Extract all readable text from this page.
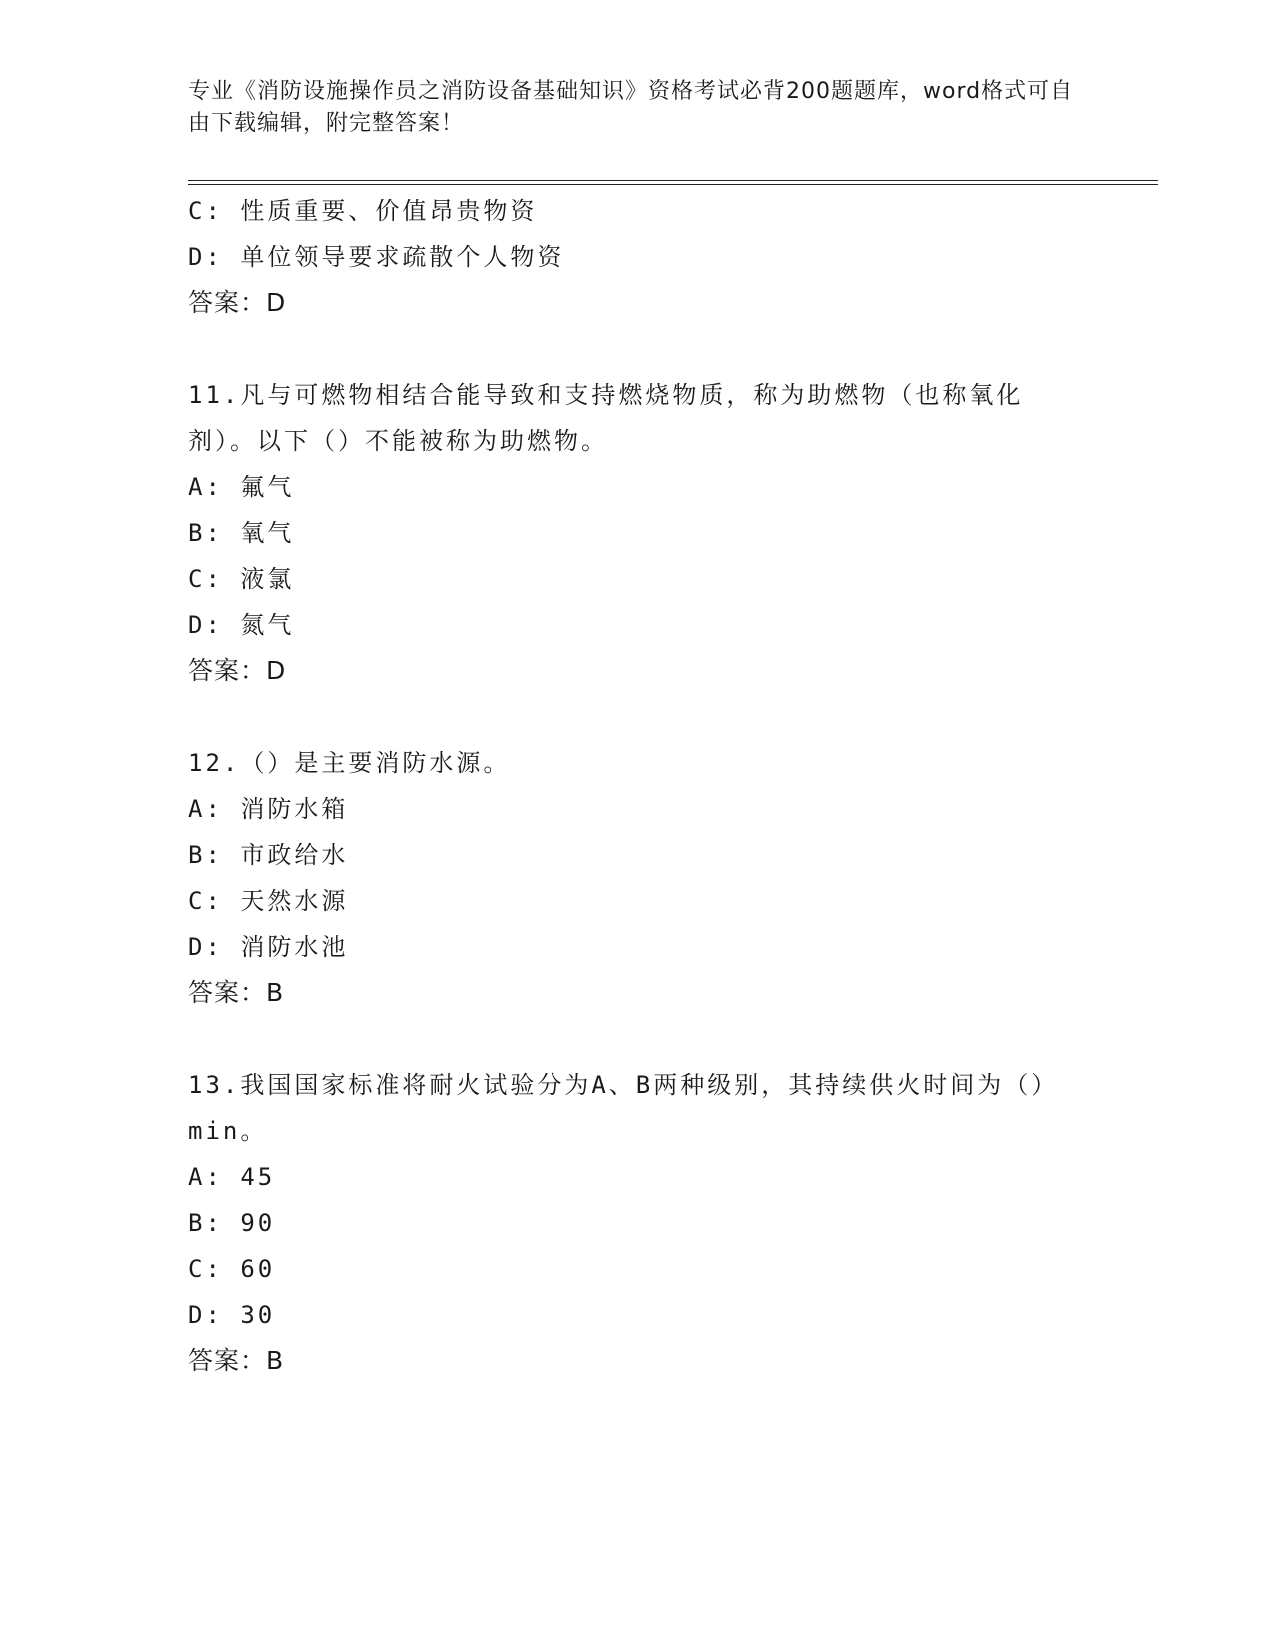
专业《消防设施操作员之消防设备基础知识》资格考试必背200题题库，word格式可自由下载编辑，附完整答案！
C: 性质重要、价值昂贵物资
D: 单位领导要求疏散个人物资
答案：D
11.凡与可燃物相结合能导致和支持燃烧物质，称为助燃物（也称氧化剂）。以下（）不能被称为助燃物。
A: 氟气
B: 氧气
C: 液氯
D: 氮气
答案：D
12.（）是主要消防水源。
A: 消防水箱
B: 市政给水
C: 天然水源
D: 消防水池
答案：B
13.我国国家标准将耐火试验分为A、B两种级别，其持续供火时间为（）min。
A: 45
B: 90
C: 60
D: 30
答案：B
